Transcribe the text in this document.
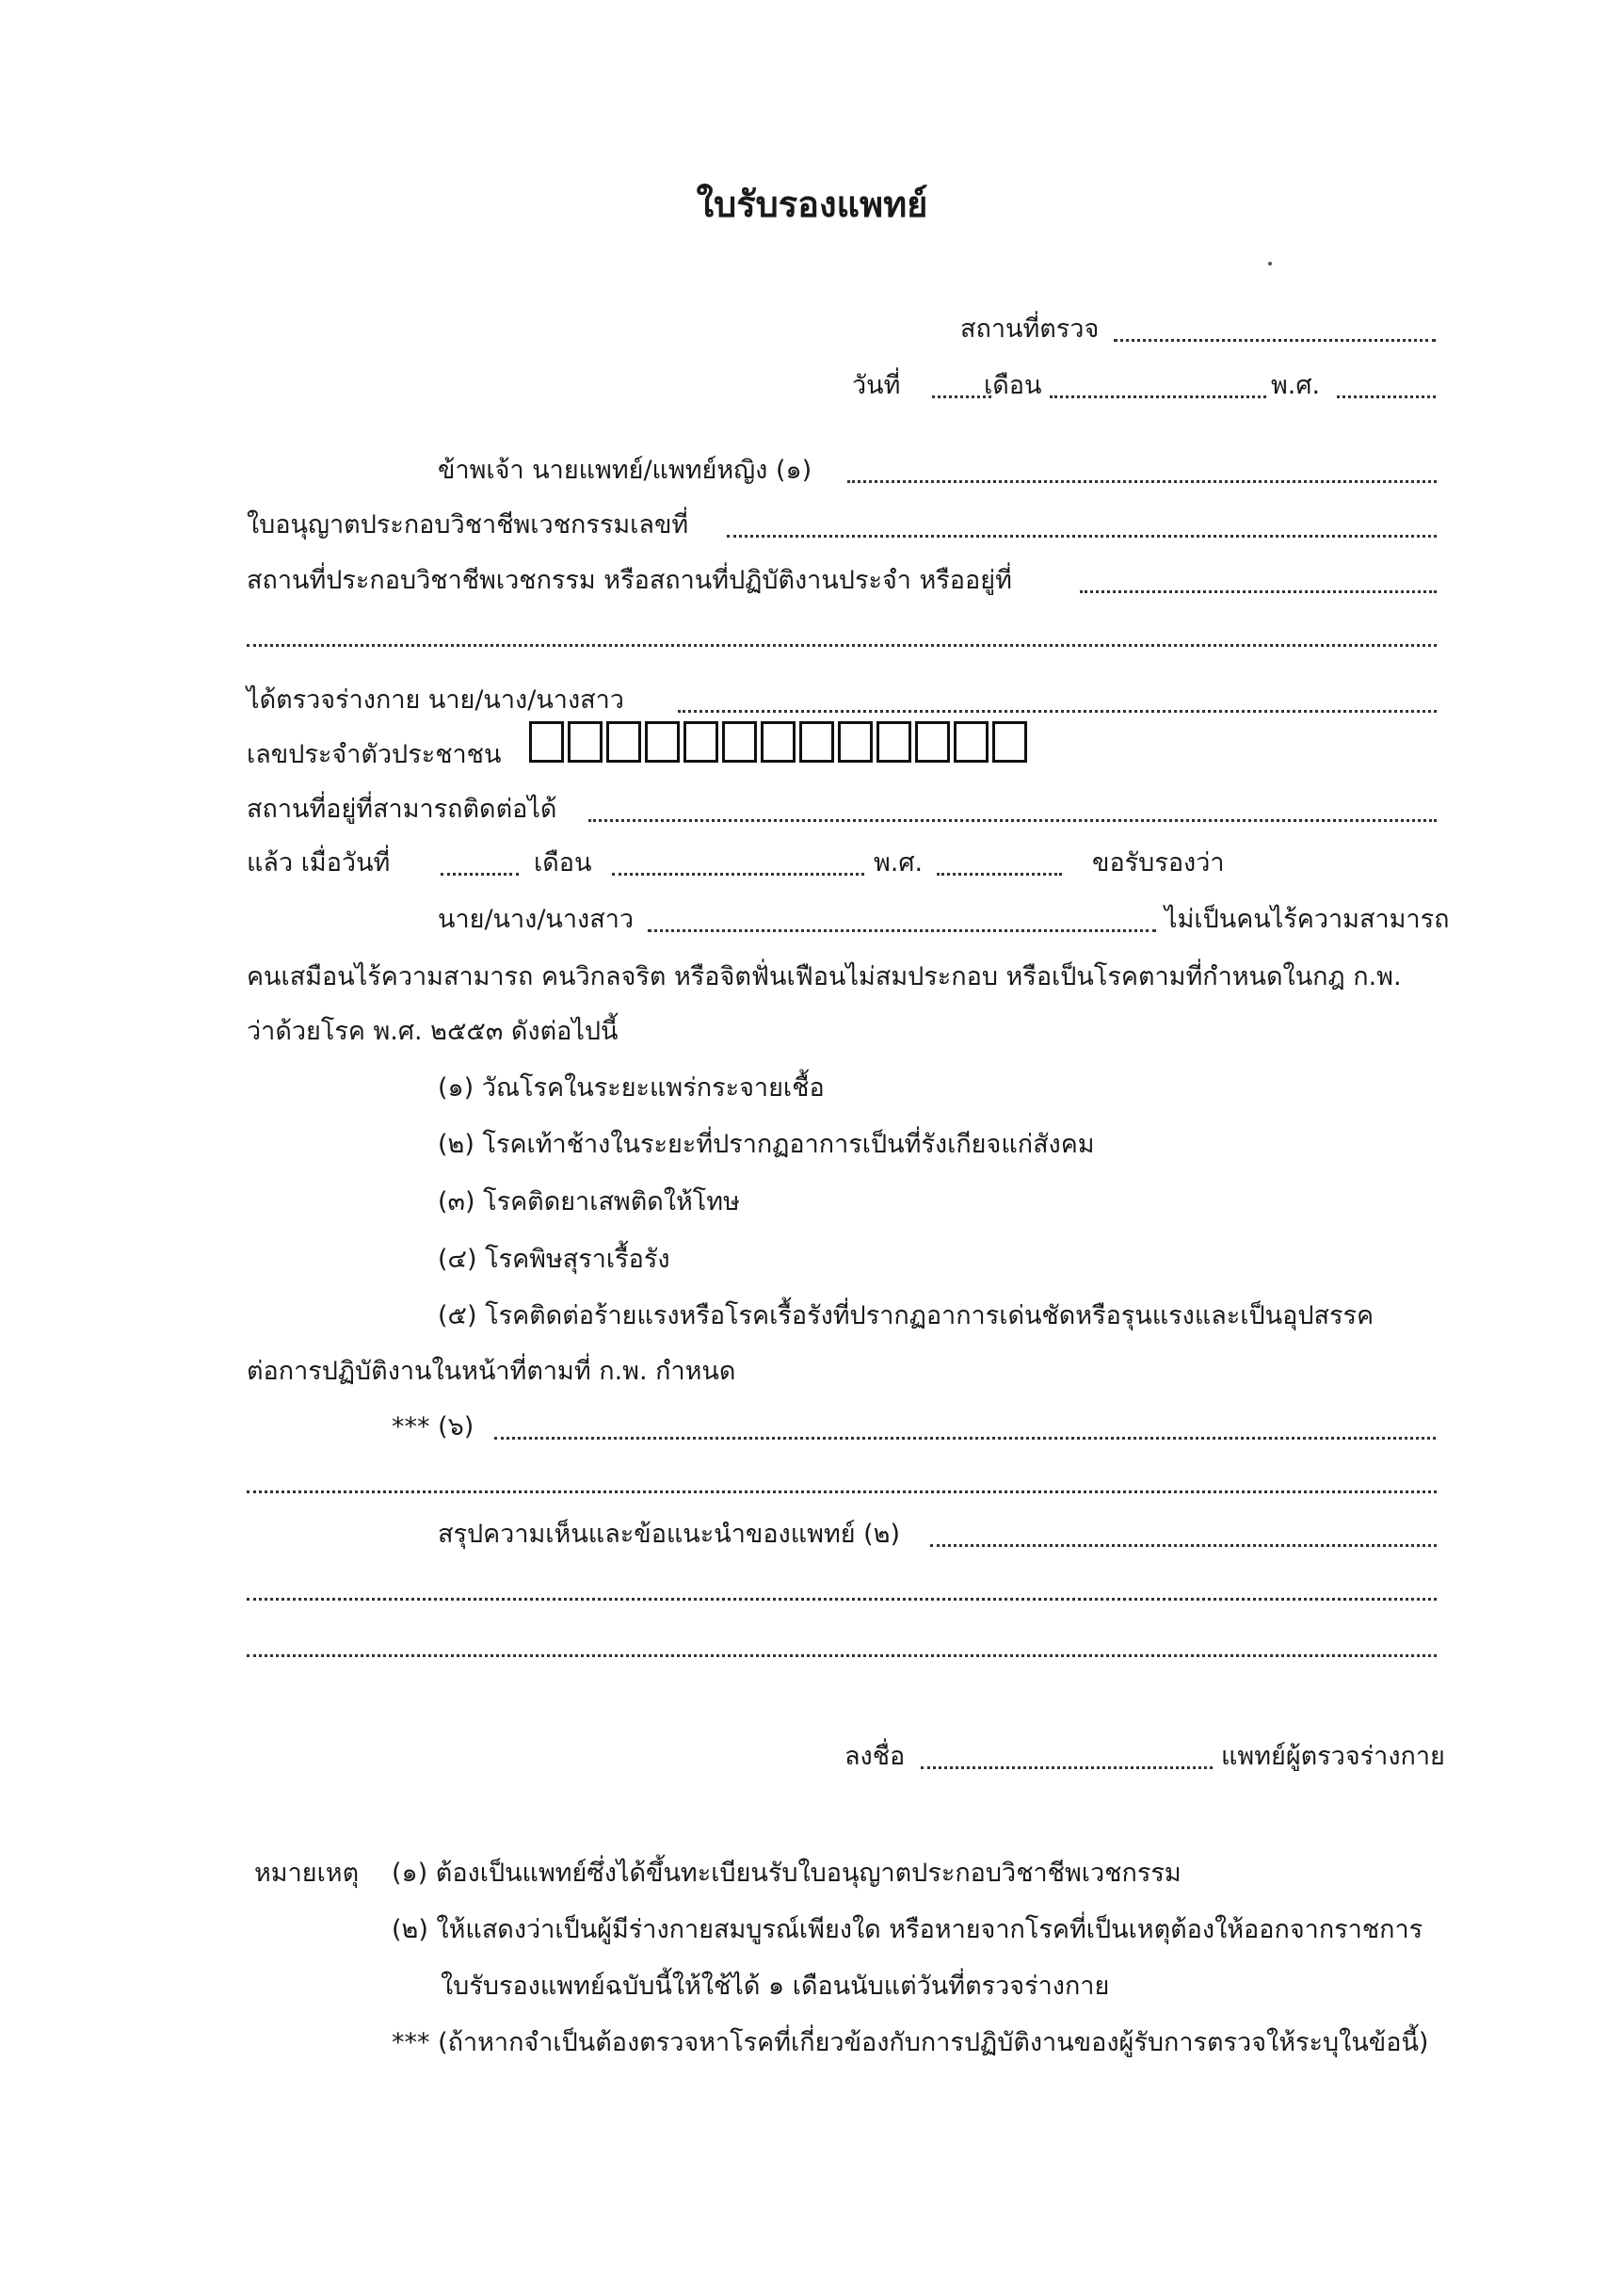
ใบรับรองแพทย์
สถานที่ตรวจ
วันที่	เดือน	พ.ศ.
ข้าพเจ้า นายแพทย์/แพทย์หญิง (๑)
ใบอนุญาตประกอบวิชาชีพเวชกรรมเลขที่
สถานที่ประกอบวิชาชีพเวชกรรม หรือสถานที่ปฏิบัติงานประจำ หรืออยู่ที่
ได้ตรวจร่างกาย นาย/นาง/นางสาว
เลขประจำตัวประชาชน
สถานที่อยู่ที่สามารถติดต่อได้
แล้ว เมื่อวันที่	เดือน	พ.ศ.	ขอรับรองว่า
นาย/นาง/นางสาว	ไม่เป็นคนไร้ความสามารถ
คนเสมือนไร้ความสามารถ คนวิกลจริต หรือจิตฟั่นเฟือนไม่สมประกอบ หรือเป็นโรคตามที่กำหนดในกฎ ก.พ.
ว่าด้วยโรค พ.ศ. ๒๕๕๓ ดังต่อไปนี้
(๑) วัณโรคในระยะแพร่กระจายเชื้อ
(๒) โรคเท้าช้างในระยะที่ปรากฏอาการเป็นที่รังเกียจแก่สังคม
(๓) โรคติดยาเสพติดให้โทษ
(๔) โรคพิษสุราเรื้อรัง
(๕) โรคติดต่อร้ายแรงหรือโรคเรื้อรังที่ปรากฏอาการเด่นชัดหรือรุนแรงและเป็นอุปสรรค
ต่อการปฏิบัติงานในหน้าที่ตามที่ ก.พ. กำหนด
*** (๖)
สรุปความเห็นและข้อแนะนำของแพทย์ (๒)
ลงชื่อ	แพทย์ผู้ตรวจร่างกาย
หมายเหตุ (๑) ต้องเป็นแพทย์ซึ่งได้ขึ้นทะเบียนรับใบอนุญาตประกอบวิชาชีพเวชกรรม
(๒) ให้แสดงว่าเป็นผู้มีร่างกายสมบูรณ์เพียงใด หรือหายจากโรคที่เป็นเหตุต้องให้ออกจากราชการ
ใบรับรองแพทย์ฉบับนี้ให้ใช้ได้ ๑ เดือนนับแต่วันที่ตรวจร่างกาย
*** (ถ้าหากจำเป็นต้องตรวจหาโรคที่เกี่ยวข้องกับการปฏิบัติงานของผู้รับการตรวจให้ระบุในข้อนี้)
